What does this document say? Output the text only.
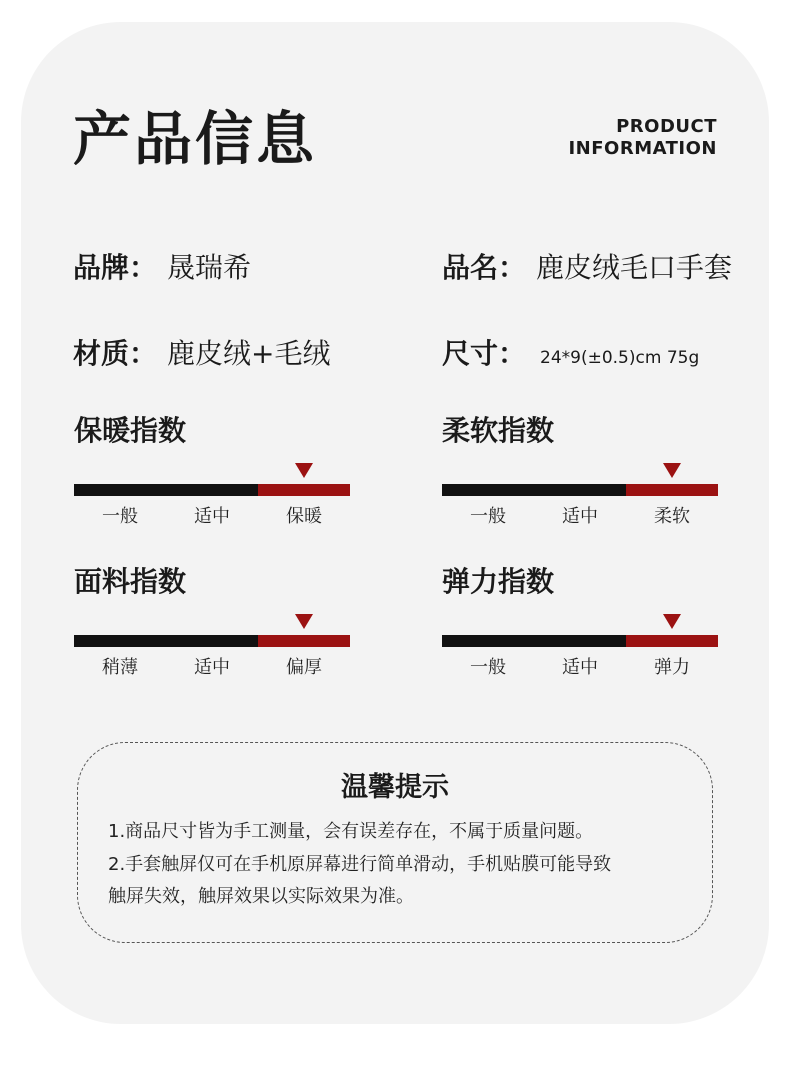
产品信息	PRODUCT
INFORMATION
品牌： 晟瑞希	品名： 鹿皮绒毛口手套
材质： 鹿皮绒+毛绒	尺寸： 24*9(±0.5)cm 75g
保暖指数
一般	适中	保暖
柔软指数
一般	适中	柔软
面料指数
稍薄	适中	偏厚
弹力指数
一般	适中	弹力
温馨提示
1.商品尺寸皆为手工测量，会有误差存在，不属于质量问题。
2.手套触屏仅可在手机原屏幕进行简单滑动，手机贴膜可能导致
触屏失效，触屏效果以实际效果为准。
